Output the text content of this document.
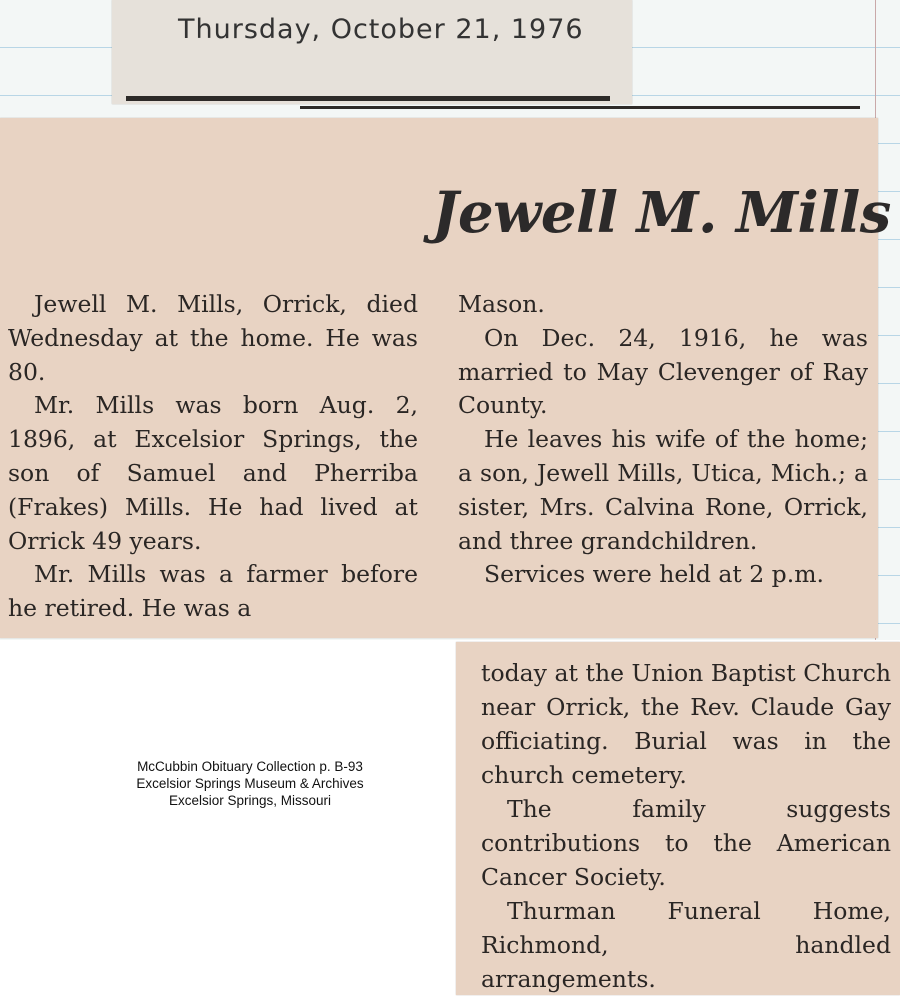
Thursday, October 21, 1976
Jewell M. Mills

Jewell M. Mills, Orrick, died Wednesday at the home. He was 80.

Mr. Mills was born Aug. 2, 1896, at Excelsior Springs, the son of Samuel and Pherriba (Frakes) Mills. He had lived at Orrick 49 years.

Mr. Mills was a farmer before he retired. He was a

Mason.

On Dec. 24, 1916, he was married to May Clevenger of Ray County.

He leaves his wife of the home; a son, Jewell Mills, Utica, Mich.; a sister, Mrs. Calvina Rone, Orrick, and three grandchildren.

Services were held at 2 p.m.

today at the Union Baptist Church near Orrick, the Rev. Claude Gay officiating. Burial was in the church cemetery.

The family suggests contributions to the American Cancer Society.

Thurman Funeral Home, Richmond, handled arrangements.

McCubbin Obituary Collection p. B-93
Excelsior Springs Museum & Archives
Excelsior Springs, Missouri
